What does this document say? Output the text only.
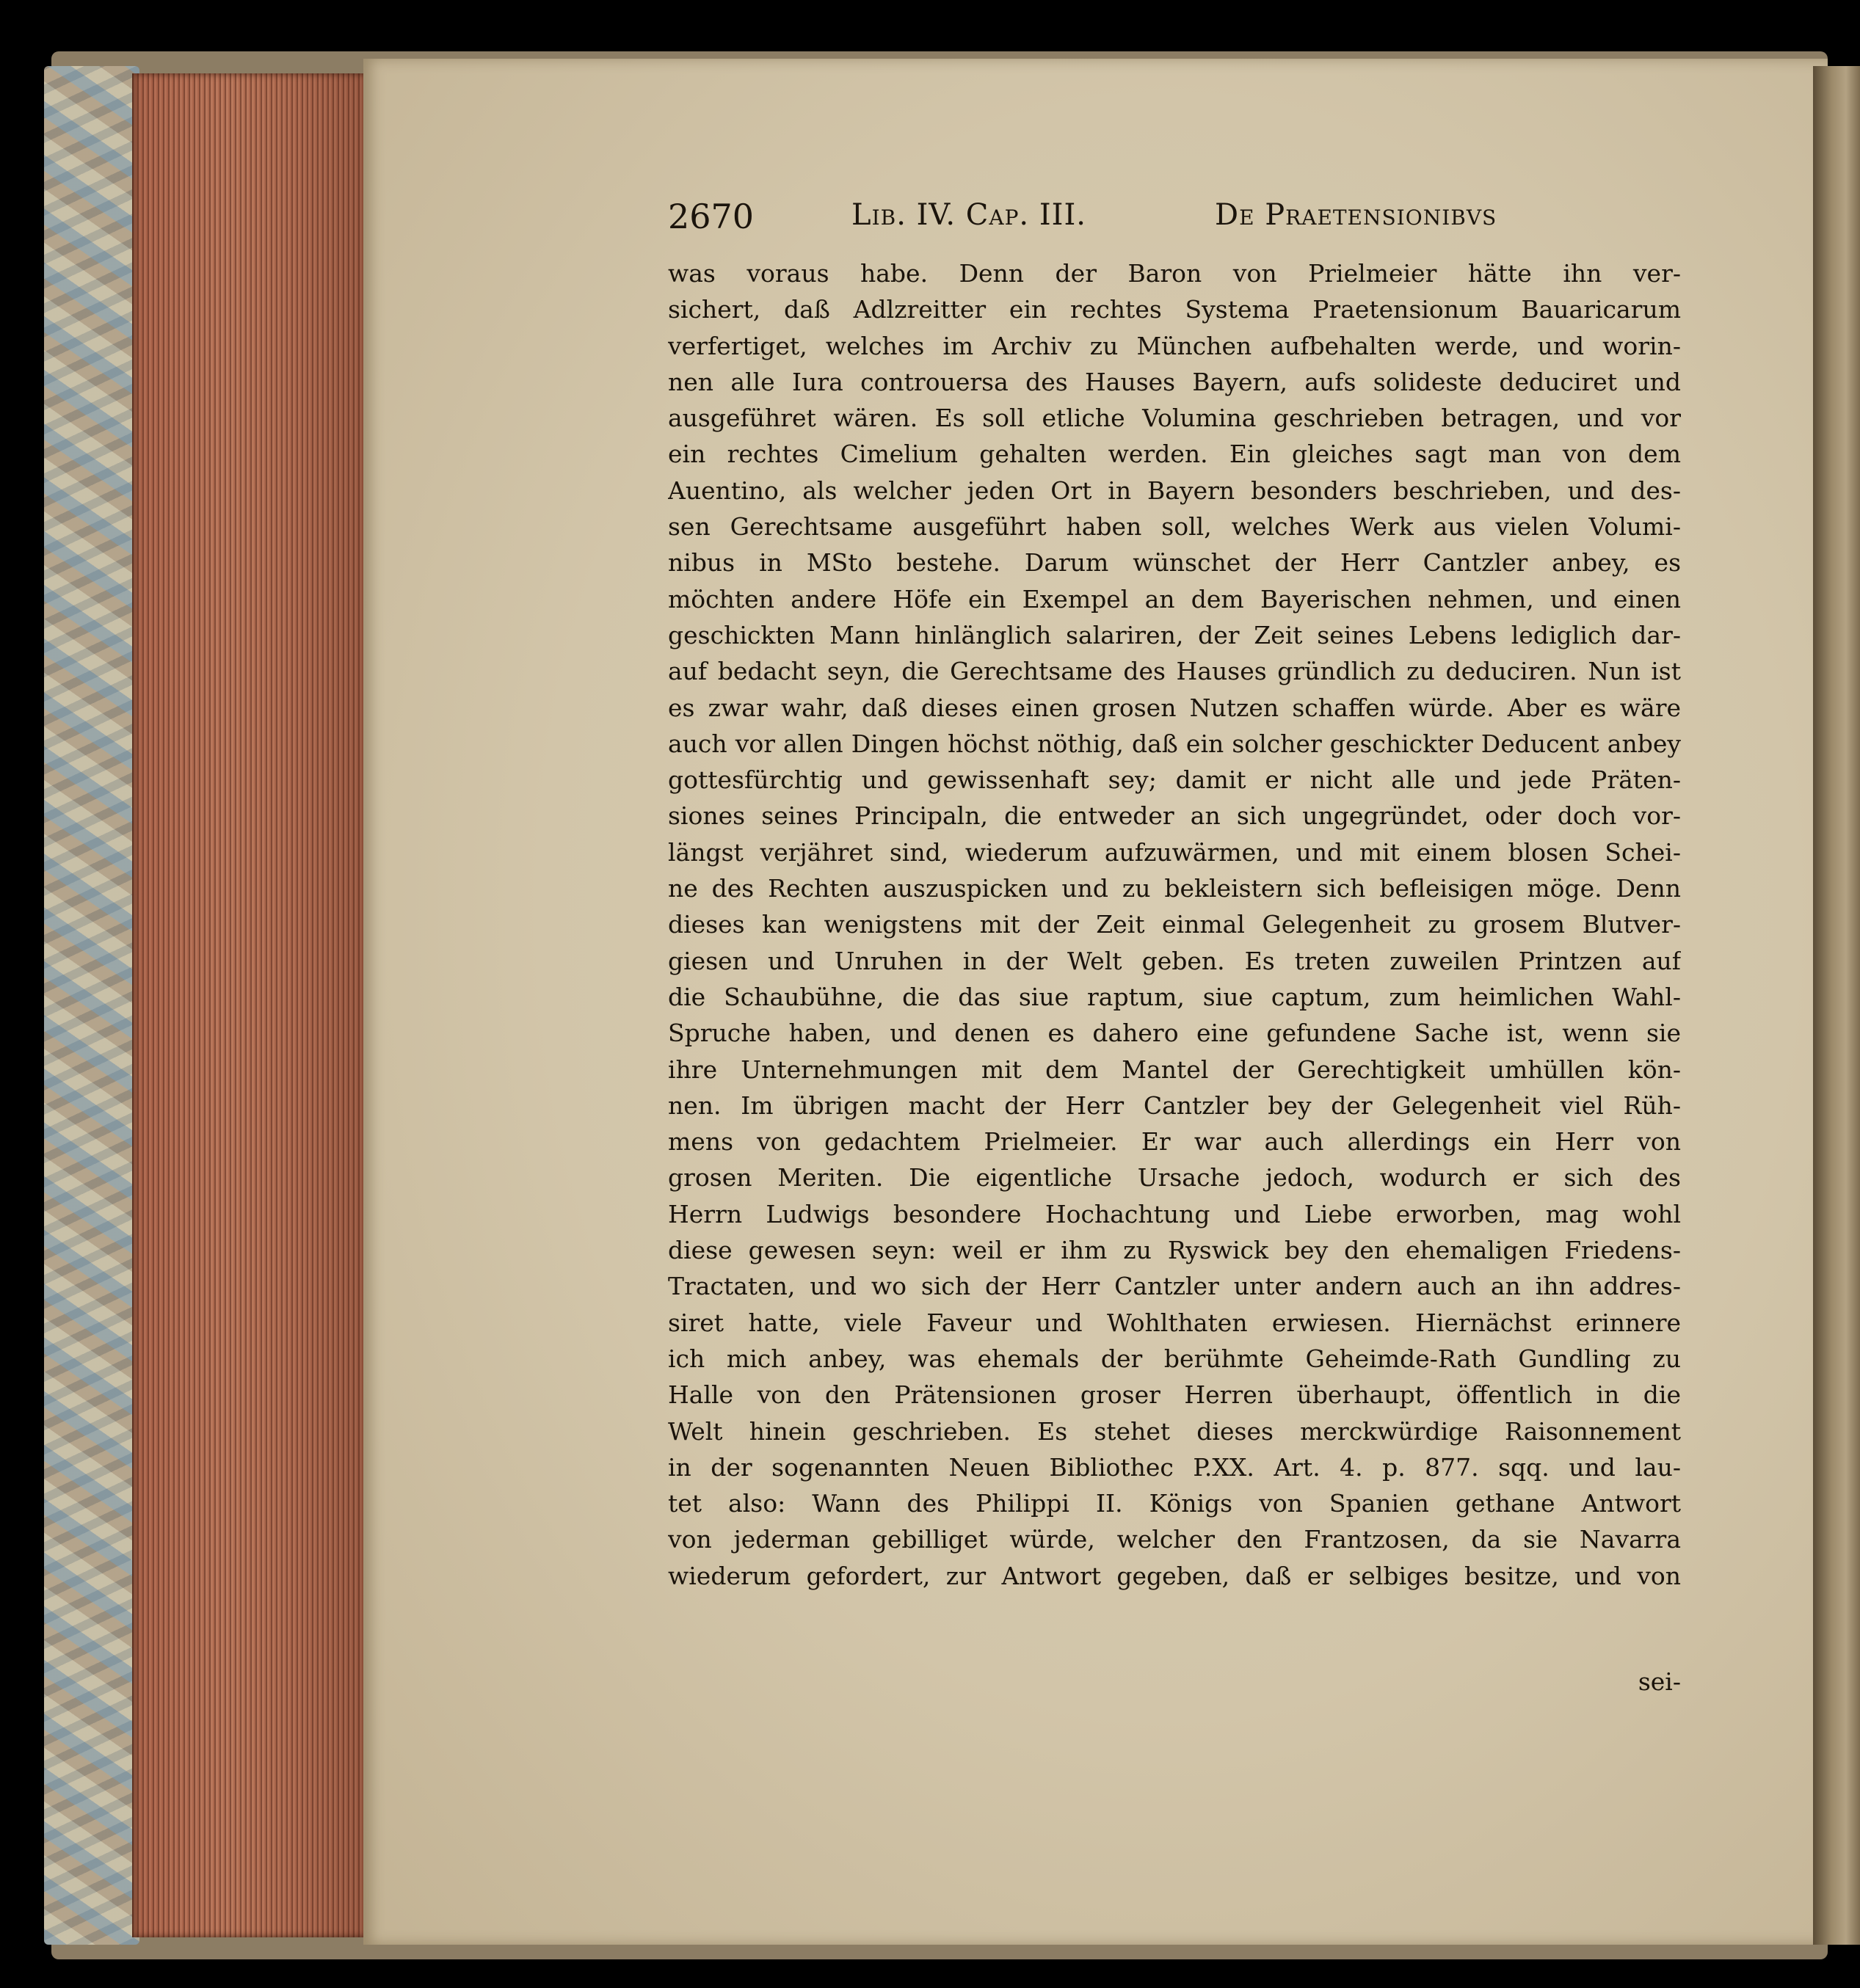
2670	Lib. IV. Cap. III.	De Praetensionibvs
was voraus habe. Denn der Baron von Prielmeier hätte ihn ver-
sichert, daß Adlzreitter ein rechtes Systema Praetensionum Bauaricarum
verfertiget, welches im Archiv zu München aufbehalten werde, und worin-
nen alle Iura controuersa des Hauses Bayern, aufs solideste deduciret und
ausgeführet wären. Es soll etliche Volumina geschrieben betragen, und vor
ein rechtes Cimelium gehalten werden. Ein gleiches sagt man von dem
Auentino, als welcher jeden Ort in Bayern besonders beschrieben, und des-
sen Gerechtsame ausgeführt haben soll, welches Werk aus vielen Volumi-
nibus in MSto bestehe. Darum wünschet der Herr Cantzler anbey, es
möchten andere Höfe ein Exempel an dem Bayerischen nehmen, und einen
geschickten Mann hinlänglich salariren, der Zeit seines Lebens lediglich dar-
auf bedacht seyn, die Gerechtsame des Hauses gründlich zu deduciren. Nun ist
es zwar wahr, daß dieses einen grosen Nutzen schaffen würde. Aber es wäre
auch vor allen Dingen höchst nöthig, daß ein solcher geschickter Deducent anbey
gottesfürchtig und gewissenhaft sey; damit er nicht alle und jede Präten-
siones seines Principaln, die entweder an sich ungegründet, oder doch vor-
längst verjähret sind, wiederum aufzuwärmen, und mit einem blosen Schei-
ne des Rechten auszuspicken und zu bekleistern sich befleisigen möge. Denn
dieses kan wenigstens mit der Zeit einmal Gelegenheit zu grosem Blutver-
giesen und Unruhen in der Welt geben. Es treten zuweilen Printzen auf
die Schaubühne, die das siue raptum, siue captum, zum heimlichen Wahl-
Spruche haben, und denen es dahero eine gefundene Sache ist, wenn sie
ihre Unternehmungen mit dem Mantel der Gerechtigkeit umhüllen kön-
nen. Im übrigen macht der Herr Cantzler bey der Gelegenheit viel Rüh-
mens von gedachtem Prielmeier. Er war auch allerdings ein Herr von
grosen Meriten. Die eigentliche Ursache jedoch, wodurch er sich des
Herrn Ludwigs besondere Hochachtung und Liebe erworben, mag wohl
diese gewesen seyn: weil er ihm zu Ryswick bey den ehemaligen Friedens-
Tractaten, und wo sich der Herr Cantzler unter andern auch an ihn addres-
siret hatte, viele Faveur und Wohlthaten erwiesen. Hiernächst erinnere
ich mich anbey, was ehemals der berühmte Geheimde-Rath Gundling zu
Halle von den Prätensionen groser Herren überhaupt, öffentlich in die
Welt hinein geschrieben. Es stehet dieses merckwürdige Raisonnement
in der sogenannten Neuen Bibliothec P.XX. Art. 4. p. 877. sqq. und lau-
tet also: Wann des Philippi II. Königs von Spanien gethane Antwort
von jederman gebilliget würde, welcher den Frantzosen, da sie Navarra
wiederum gefordert, zur Antwort gegeben, daß er selbiges besitze, und von
sei-
